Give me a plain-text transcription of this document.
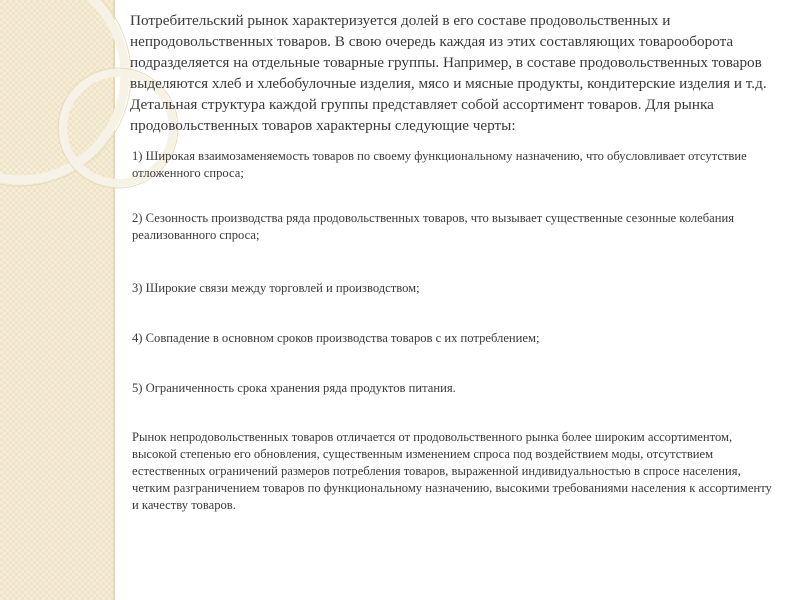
Потребительский рынок характеризуется долей в его составе продовольственных и непродовольственных товаров. В свою очередь каждая из этих составляющих товарооборота подразделяется на отдельные товарные группы. Например, в составе продовольственных товаров выделяются хлеб и хлебобулочные изделия, мясо и мясные продукты, кондитерские изделия и т.д. Детальная структура каждой группы представляет собой ассортимент товаров. Для рынка продовольственных товаров характерны следующие черты:

1) Широкая взаимозаменяемость товаров по своему функциональному назначению, что обусловливает отсутствие отложенного спроса;

2) Сезонность производства ряда продовольственных товаров, что вызывает существенные сезонные колебания реализованного спроса;

3) Широкие связи между торговлей и производством;

4) Совпадение в основном сроков производства товаров с их потреблением;

5) Ограниченность срока хранения ряда продуктов питания.

Рынок непродовольственных товаров отличается от продовольственного рынка более широким ассортиментом, высокой степенью его обновления, существенным изменением спроса под воздействием моды, отсутствием естественных ограничений размеров потребления товаров, выраженной индивидуальностью в спросе населения, четким разграничением товаров по функциональному назначению, высокими требованиями населения к ассортименту и качеству товаров.
